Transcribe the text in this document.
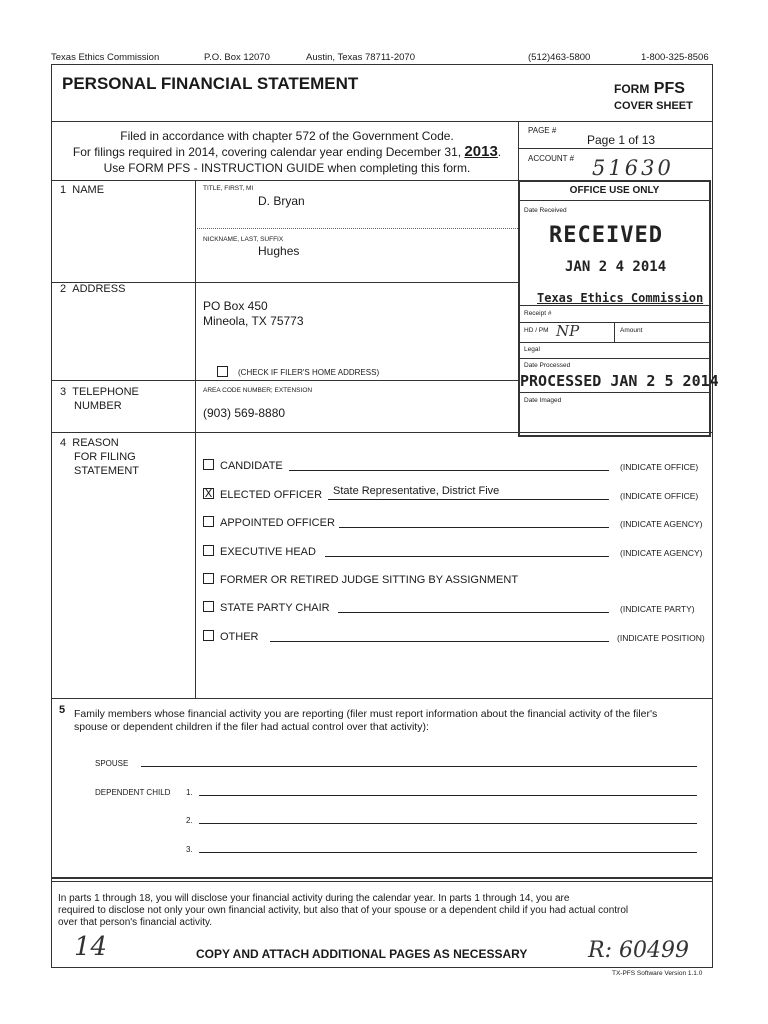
Texas Ethics Commission	P.O. Box 12070	Austin, Texas 78711-2070	(512)463-5800	1-800-325-8506
PERSONAL FINANCIAL STATEMENT	FORM PFS
COVER SHEET
Filed in accordance with chapter 572 of the Government Code.
For filings required in 2014, covering calendar year ending December 31, 2013.
Use FORM PFS - INSTRUCTION GUIDE when completing this form.
PAGE #
Page 1 of 13
ACCOUNT # 51630
OFFICE USE ONLY
Date Received
RECEIVED
JAN 2 4 2014
Texas Ethics Commission
Receipt #
HD / PM NP	Amount
Legal
Date Processed
PROCESSED JAN 2 5 2014
Date Imaged
1 NAME	TITLE, FIRST, MI
D. Bryan
NICKNAME, LAST, SUFFIX
Hughes
2 ADDRESS
PO Box 450
Mineola, TX 75773
(CHECK IF FILER'S HOME ADDRESS)
3 TELEPHONE
NUMBER
AREA CODE NUMBER; EXTENSION
(903) 569-8880
4 REASON
FOR FILING
STATEMENT	CANDIDATE	(INDICATE OFFICE)
X ELECTED OFFICER State Representative, District Five	(INDICATE OFFICE)
APPOINTED OFFICER	(INDICATE AGENCY)
EXECUTIVE HEAD	(INDICATE AGENCY)
FORMER OR RETIRED JUDGE SITTING BY ASSIGNMENT
STATE PARTY CHAIR	(INDICATE PARTY)
OTHER	(INDICATE POSITION)
5 Family members whose financial activity you are reporting (filer must report information about the financial activity of the filer's
spouse or dependent children if the filer had actual control over that activity):
SPOUSE
DEPENDENT CHILD 1.
2.
3.
In parts 1 through 18, you will disclose your financial activity during the calendar year. In parts 1 through 14, you are
required to disclose not only your own financial activity, but also that of your spouse or a dependent child if you had actual control
over that person's financial activity.
14	COPY AND ATTACH ADDITIONAL PAGES AS NECESSARY	R: 60499
TX-PFS Software Version 1.1.0
